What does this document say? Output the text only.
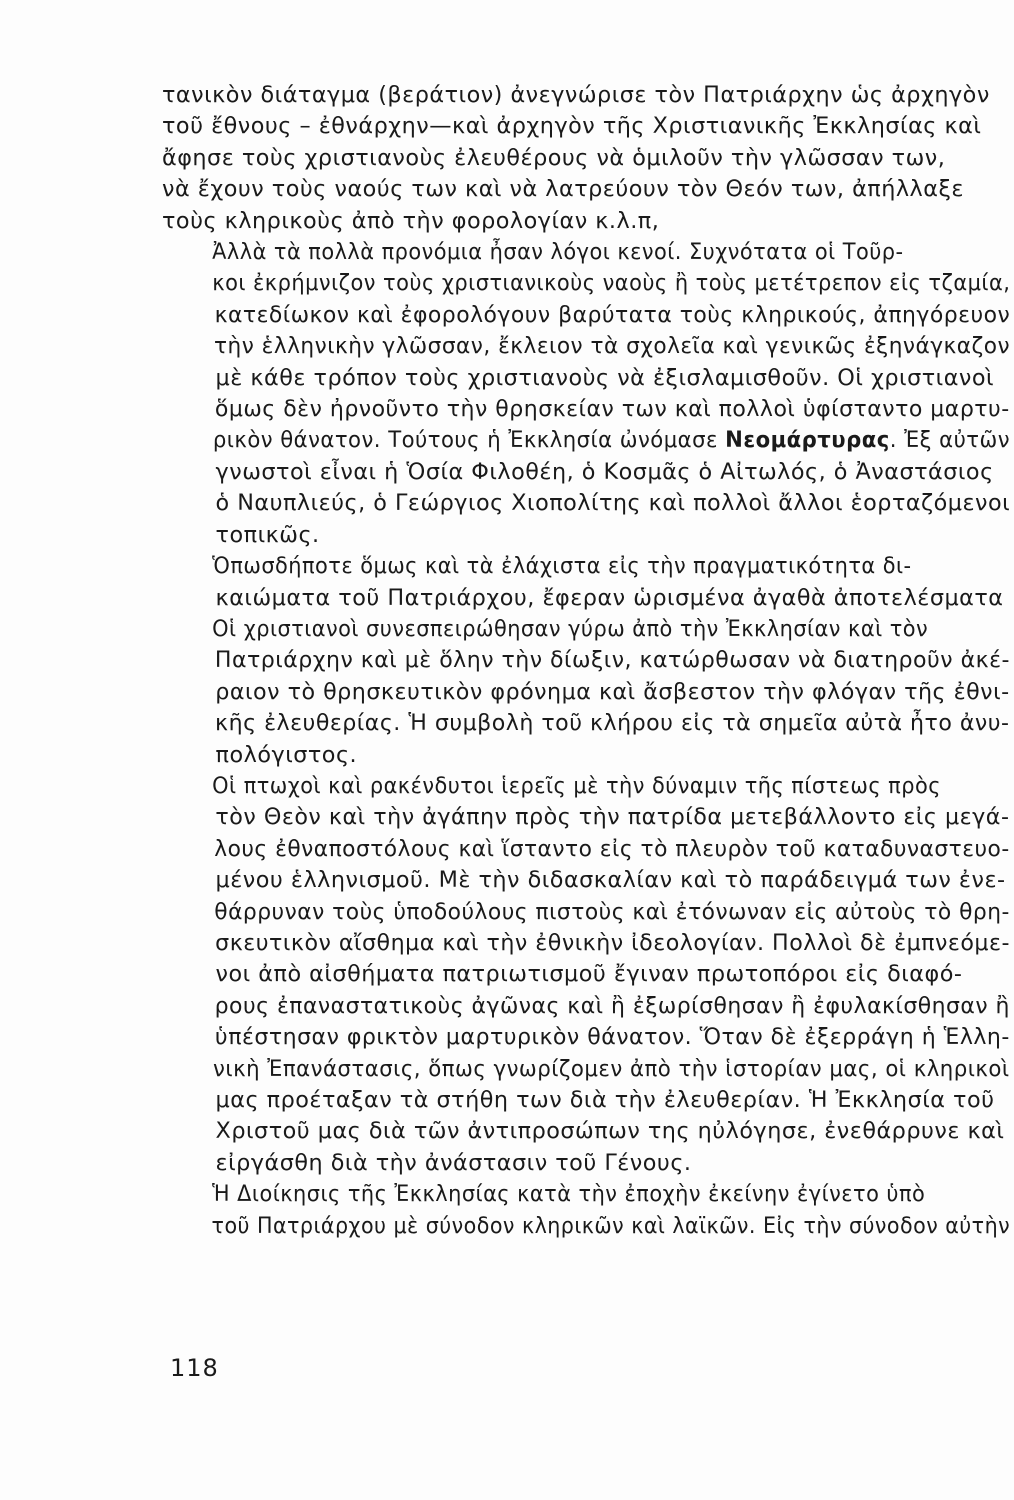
τανικὸν διάταγμα (βεράτιον) ἀνεγνώρισε τὸν Πατριάρχην ὡς ἀρχηγὸν
τοῦ ἔθνους – ἐθνάρχην—καὶ ἀρχηγὸν τῆς Χριστιανικῆς Ἐκκλησίας καὶ
ἄφησε τοὺς χριστιανοὺς ἐλευθέρους νὰ ὁμιλοῦν τὴν γλῶσσαν των,
νὰ ἔχουν τοὺς ναούς των καὶ νὰ λατρεύουν τὸν Θεόν των, ἀπήλλαξε
τοὺς κληρικοὺς ἀπὸ τὴν φορολογίαν κ.λ.π,

Ἀλλὰ τὰ πολλὰ προνόμια ἦσαν λόγοι κενοί. Συχνότατα οἱ Τοῦρ-
κοι ἐκρήμνιζον τοὺς χριστιανικοὺς ναοὺς ἢ τοὺς μετέτρεπον εἰς τζαμία,
κατεδίωκον καὶ ἐφορολόγουν βαρύτατα τοὺς κληρικούς, ἀπηγόρευον
τὴν ἑλληνικὴν γλῶσσαν, ἔκλειον τὰ σχολεῖα καὶ γενικῶς ἐξηνάγκαζον
μὲ κάθε τρόπον τοὺς χριστιανοὺς νὰ ἐξισλαμισθοῦν. Οἱ χριστιανοὶ
ὅμως δὲν ἠρνοῦντο τὴν θρησκείαν των καὶ πολλοὶ ὑφίσταντο μαρτυ-
ρικὸν θάνατον. Τούτους ἡ Ἐκκλησία ὠνόμασε Νεομάρτυρας. Ἐξ αὐτῶν
γνωστοὶ εἶναι ἡ Ὁσία Φιλοθέη, ὁ Κοσμᾶς ὁ Αἰτωλός, ὁ Ἀναστάσιος
ὁ Ναυπλιεύς, ὁ Γεώργιος Χιοπολίτης καὶ πολλοὶ ἄλλοι ἑορταζόμενοι
τοπικῶς.

Ὁπωσδήποτε ὅμως καὶ τὰ ἐλάχιστα εἰς τὴν πραγματικότητα δι-
καιώματα τοῦ Πατριάρχου, ἔφεραν ὡρισμένα ἀγαθὰ ἀποτελέσματα

Οἱ χριστιανοὶ συνεσπειρώθησαν γύρω ἀπὸ τὴν Ἐκκλησίαν καὶ τὸν
Πατριάρχην καὶ μὲ ὅλην τὴν δίωξιν, κατώρθωσαν νὰ διατηροῦν ἀκέ-
ραιον τὸ θρησκευτικὸν φρόνημα καὶ ἄσβεστον τὴν φλόγαν τῆς ἐθνι-
κῆς ἐλευθερίας. Ἡ συμβολὴ τοῦ κλήρου εἰς τὰ σημεῖα αὐτὰ ἦτο ἀνυ-
πολόγιστος.

Οἱ πτωχοὶ καὶ ρακένδυτοι ἱερεῖς μὲ τὴν δύναμιν τῆς πίστεως πρὸς
τὸν Θεὸν καὶ τὴν ἀγάπην πρὸς τὴν πατρίδα μετεβάλλοντο εἰς μεγά-
λους ἐθναποστόλους καὶ ἵσταντο εἰς τὸ πλευρὸν τοῦ καταδυναστευο-
μένου ἑλληνισμοῦ. Μὲ τὴν διδασκαλίαν καὶ τὸ παράδειγμά των ἐνε-
θάρρυναν τοὺς ὑποδούλους πιστοὺς καὶ ἐτόνωναν εἰς αὐτοὺς τὸ θρη-
σκευτικὸν αἴσθημα καὶ τὴν ἐθνικὴν ἰδεολογίαν. Πολλοὶ δὲ ἐμπνεόμε-
νοι ἀπὸ αἰσθήματα πατριωτισμοῦ ἔγιναν πρωτοπόροι εἰς διαφό-
ρους ἐπαναστατικοὺς ἀγῶνας καὶ ἢ ἐξωρίσθησαν ἢ ἐφυλακίσθησαν ἢ
ὑπέστησαν φρικτὸν μαρτυρικὸν θάνατον. Ὅταν δὲ ἐξερράγη ἡ Ἑλλη-
νικὴ Ἐπανάστασις, ὅπως γνωρίζομεν ἀπὸ τὴν ἱστορίαν μας, οἱ κληρικοὶ
μας προέταξαν τὰ στήθη των διὰ τὴν ἐλευθερίαν. Ἡ Ἐκκλησία τοῦ
Χριστοῦ μας διὰ τῶν ἀντιπροσώπων της ηὐλόγησε, ἐνεθάρρυνε καὶ
εἰργάσθη διὰ τὴν ἀνάστασιν τοῦ Γένους.

Ἡ Διοίκησις τῆς Ἐκκλησίας κατὰ τὴν ἐποχὴν ἐκείνην ἐγίνετο ὑπὸ
τοῦ Πατριάρχου μὲ σύνοδον κληρικῶν καὶ λαϊκῶν. Εἰς τὴν σύνοδον αὐτὴν

118
